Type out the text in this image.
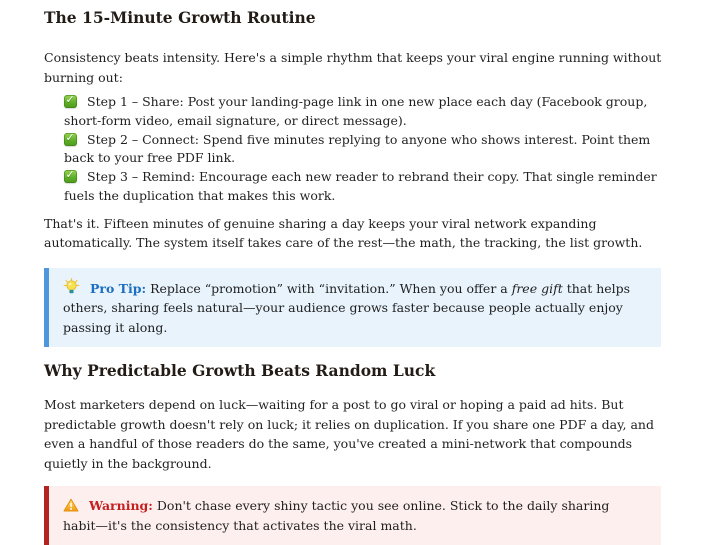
The 15-Minute Growth Routine

Consistency beats intensity. Here's a simple rhythm that keeps your viral engine running without burning out:

✓Step 1 – Share: Post your landing-page link in one new place each day (Facebook group, short-form video, email signature, or direct message).
✓Step 2 – Connect: Spend five minutes replying to anyone who shows interest. Point them back to your free PDF link.
✓Step 3 – Remind: Encourage each new reader to rebrand their copy. That single reminder fuels the duplication that makes this work.

That's it. Fifteen minutes of genuine sharing a day keeps your viral network expanding automatically. The system itself takes care of the rest—the math, the tracking, the list growth.

Pro Tip: Replace “promotion” with “invitation.” When you offer a free gift that helps others, sharing feels natural—your audience grows faster because people actually enjoy passing it along.

Why Predictable Growth Beats Random Luck

Most marketers depend on luck—waiting for a post to go viral or hoping a paid ad hits. But predictable growth doesn't rely on luck; it relies on duplication. If you share one PDF a day, and even a handful of those readers do the same, you've created a mini-network that compounds quietly in the background.

Warning: Don't chase every shiny tactic you see online. Stick to the daily sharing habit—it's the consistency that activates the viral math.
